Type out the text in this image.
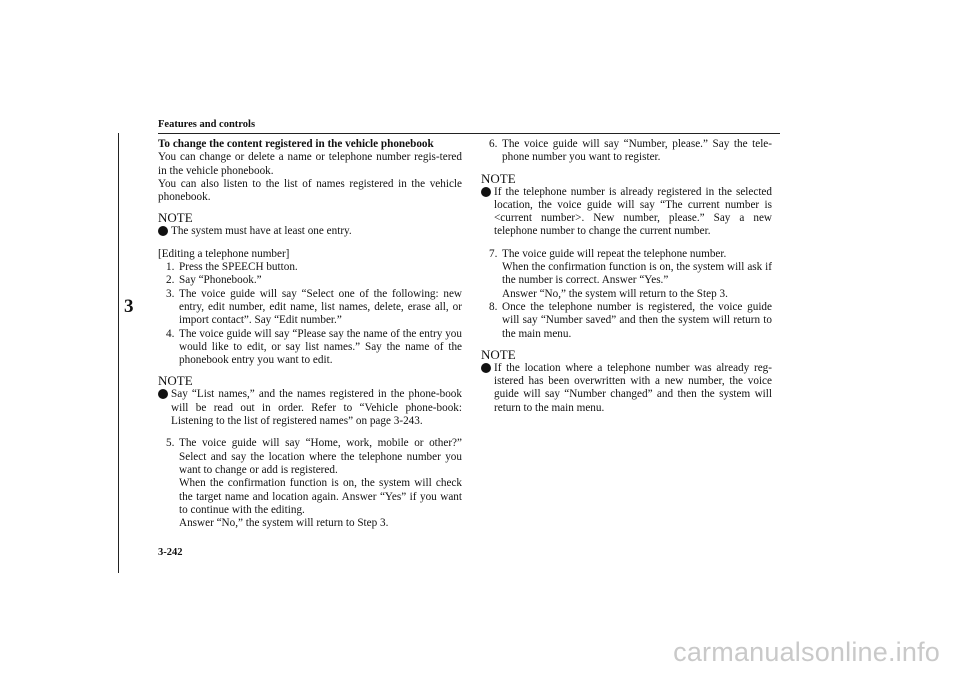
Features and controls
3

To change the content registered in the vehicle phonebook

You can change or delete a name or telephone number regis-tered in the vehicle phonebook.

You can also listen to the list of names registered in the vehicle phonebook.

NOTE

The system must have at least one entry.

[Editing a telephone number]

1. Press the SPEECH button.
2. Say “Phonebook.”
3. The voice guide will say “Select one of the following: new entry, edit number, edit name, list names, delete, erase all, or import contact”. Say “Edit number.”
4. The voice guide will say “Please say the name of the entry you would like to edit, or say list names.” Say the name of the phonebook entry you want to edit.

NOTE

Say “List names,” and the names registered in the phone-book will be read out in order. Refer to “Vehicle phone-book: Listening to the list of registered names” on page 3-243.
5. The voice guide will say “Home, work, mobile or other?” Select and say the location where the telephone number you want to change or add is registered.
When the confirmation function is on, the system will check the target name and location again. Answer “Yes” if you want to continue with the editing.
Answer “No,” the system will return to Step 3.
6. The voice guide will say “Number, please.” Say the tele-phone number you want to register.

NOTE

If the telephone number is already registered in the selected location, the voice guide will say “The current number is <current number>. New number, please.” Say a new telephone number to change the current number.
7. The voice guide will repeat the telephone number.
When the confirmation function is on, the system will ask if the number is correct. Answer “Yes.”
Answer “No,” the system will return to the Step 3.
8. Once the telephone number is registered, the voice guide will say “Number saved” and then the system will return to the main menu.

NOTE

If the location where a telephone number was already reg-istered has been overwritten with a new number, the voice guide will say “Number changed” and then the system will return to the main menu.
3-242
carmanualsonline.info
